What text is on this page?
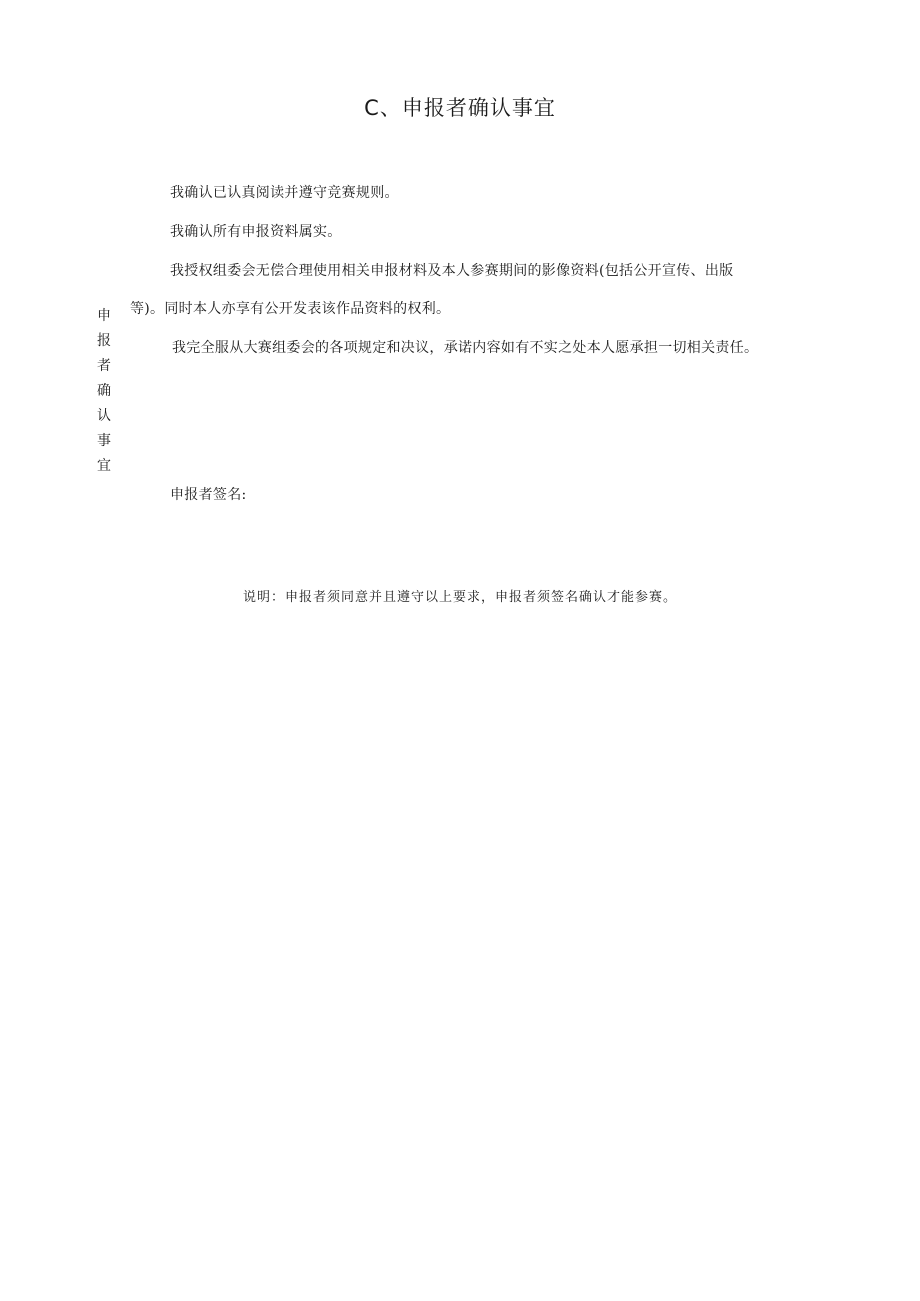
C、申报者确认事宜
申
报
者
确
认
事
宜
我确认已认真阅读并遵守竞赛规则。
我确认所有申报资料属实。
我授权组委会无偿合理使用相关申报材料及本人参赛期间的影像资料(包括公开宣传、出版
等)。同时本人亦享有公开发表该作品资料的权利。
我完全服从大赛组委会的各项规定和决议，承诺内容如有不实之处本人愿承担一切相关责任。
申报者签名:
说明：申报者须同意并且遵守以上要求，申报者须签名确认才能参赛。
